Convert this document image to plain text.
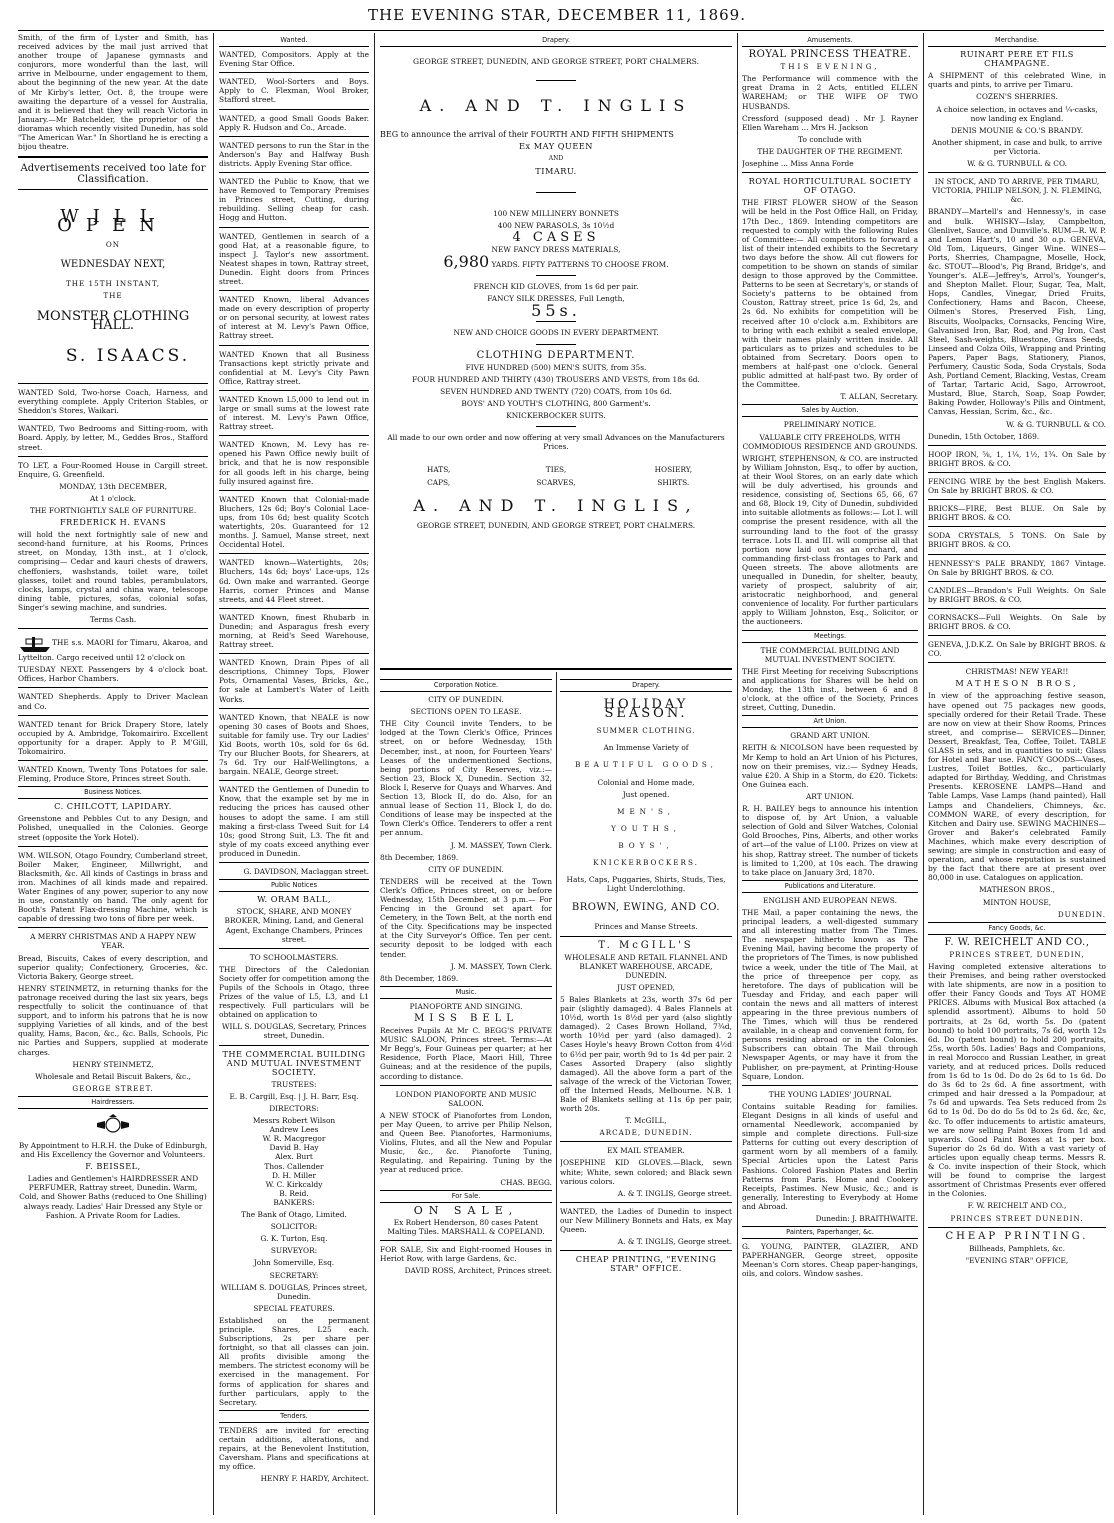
THE EVENING STAR, DECEMBER 11, 1869.

Smith, of the firm of Lyster and Smith, has received advices by the mail just arrived that another troupe of Japanese gymnasts and conjurors, more wonderful than the last, will arrive in Melbourne, under engagement to them, about the beginning of the new year. At the date of Mr Kirby's letter, Oct. 8, the troupe were awaiting the departure of a vessel for Australia, and it is believed that they will reach Victoria in January.—Mr Batchelder, the proprietor of the dioramas which recently visited Dunedin, has sold "The American War." In Shortland he is erecting a bijou theatre.

Advertisements received too late for Classification.

WILL OPEN

ON

WEDNESDAY NEXT,

THE 15TH INSTANT,

THE

MONSTER CLOTHING HALL.

S. ISAACS.

WANTED Sold, Two-horse Coach, Harness, and everything complete. Apply Criterion Stables, or Sheddon's Stores, Waikari.

WANTED, Two Bedrooms and Sitting-room, with Board. Apply, by letter, M., Geddes Bros., Stafford street.

TO LET, a Four-Roomed House in Cargill street. Enquire, G. Greenfield.

MONDAY, 13th DECEMBER,

At 1 o'clock.

THE FORTNIGHTLY SALE OF FURNITURE.

FREDERICK H. EVANS

will hold the next fortnightly sale of new and second-hand furniture, at his Rooms, Princes street, on Monday, 13th inst., at 1 o'clock, comprising— Cedar and kauri chests of drawers, cheffoniers, washstands, toilet ware, toilet glasses, toilet and round tables, perambulators, clocks, lamps, crystal and china ware, telescope dining table, pictures, sofas, colonial sofas, Singer's sewing machine, and sundries.

Terms Cash.

THE s.s. MAORI for Timaru, Akaroa, and Lyttelton. Cargo received until 12 o'clock on

TUESDAY NEXT. Passengers by 4 o'clock boat. Offices, Harbor Chambers.

WANTED Shepherds. Apply to Driver Maclean and Co.

WANTED tenant for Brick Drapery Store, lately occupied by A. Ambridge, Tokomairiro. Excellent opportunity for a draper. Apply to P. M'Gill, Tokomairiro.

WANTED Known, Twenty Tons Potatoes for sale. Fleming, Produce Store, Princes street South.

Business Notices.

C. CHILCOTT, LAPIDARY.

Greenstone and Pebbles Cut to any Design, and Polished, unequalled in the Colonies. George street (opposite the York Hotel).

WM. WILSON, Otago Foundry, Cumberland street, Boiler Maker, Engineer, Millwright, and Blacksmith, &c. All kinds of Castings in brass and iron. Machines of all kinds made and repaired. Water Engines of any power, superior to any now in use, constantly on hand. The only agent for Booth's Patent Flax-dressing Machine, which is capable of dressing two tons of fibre per week.

A MERRY CHRISTMAS AND A HAPPY NEW YEAR.

Bread, Biscuits, Cakes of every description, and superior quality; Confectionery, Groceries, &c. Victoria Bakery, George street.

HENRY STEINMETZ, in returning thanks for the patronage received during the last six years, begs respectfully to solicit the continuance of that support, and to inform his patrons that he is now supplying Varieties of all kinds, and of the best quality, Hams, Bacon, &c., &c. Balls, Schools, Pic nic Parties and Suppers, supplied at moderate charges.

HENRY STEINMETZ,

Wholesale and Retail Biscuit Bakers, &c.,

GEORGE STREET.

Hairdressers.

By Appointment to H.R.H. the Duke of Edinburgh, and His Excellency the Governor and Volunteers.

F. BEISSEL,

Ladies and Gentlemen's HAIRDRESSER AND PERFUMER, Rattray street, Dunedin. Warm, Cold, and Shower Baths (reduced to One Shilling) always ready. Ladies' Hair Dressed any Style or Fashion. A Private Room for Ladies.

Wanted.

WANTED, Compositors. Apply at the Evening Star Office.

WANTED, Wool-Sorters and Boys. Apply to C. Flexman, Wool Broker, Stafford street.

WANTED, a good Small Goods Baker. Apply R. Hudson and Co., Arcade.

WANTED persons to run the Star in the Anderson's Bay and Halfway Bush districts. Apply Evening Star office.

WANTED the Public to Know, that we have Removed to Temporary Premises in Princes street, Cutting, during rebuilding. Selling cheap for cash. Hogg and Hutton.

WANTED, Gentlemen in search of a good Hat, at a reasonable figure, to inspect J. Taylor's new assortment. Neatest shapes in town, Rattray street, Dunedin. Eight doors from Princes street.

WANTED Known, liberal Advances made on every description of property or on personal security, at lowest rates of interest at M. Levy's Pawn Office, Rattray street.

WANTED Known that all Business Transactions kept strictly private and confidential at M. Levy's City Pawn Office, Rattray street.

WANTED Known L5,000 to lend out in large or small sums at the lowest rate of interest. M. Levy's Pawn Office, Rattray street.

WANTED Known, M. Levy has re-opened his Pawn Office newly built of brick, and that he is now responsible for all goods left in his charge, being fully insured against fire.

WANTED Known that Colonial-made Bluchers, 12s 6d; Boy's Colonial Lace-ups, from 10s 6d; best quality Scotch watertights, 20s. Guaranteed for 12 months. J. Samuel, Manse street, next Occidental Hotel.

WANTED known—Watertights, 20s; Bluchers, 14s 6d; boys' Lace-ups, 12s 6d. Own make and warranted. George Harris, corner Princes and Manse streets, and 44 Fleet street.

WANTED Known, finest Rhubarb in Dunedin; and Asparagus fresh every morning, at Reid's Seed Warehouse, Rattray street.

WANTED Known, Drain Pipes of all descriptions, Chimney Tops, Flower Pots, Ornamental Vases, Bricks, &c., for sale at Lambert's Water of Leith Works.

WANTED Known, that NEALE is now opening 30 cases of Boots and Shoes, suitable for family use. Try our Ladies' Kid Boots, worth 10s, sold for 6s 6d. Try our Blucher Boots, for Shearers, at 7s 6d. Try our Half-Wellingtons, a bargain. NEALE, George street.

WANTED the Gentlemen of Dunedin to Know, that the example set by me in reducing the prices has caused other houses to adopt the same. I am still making a first-class Tweed Suit for L4 10s; good Strong Suit, L3. The fit and style of my coats exceed anything ever produced in Dunedin.

G. DAVIDSON, Maclaggan street.

Public Notices

W. ORAM BALL,

STOCK, SHARE, AND MONEY BROKER, Mining, Land, and General Agent, Exchange Chambers, Princes street.

TO SCHOOLMASTERS.

THE Directors of the Caledonian Society offer for competition among the Pupils of the Schools in Otago, three Prizes of the value of L5, L3, and L1 respectively. Full particulars will be obtained on application to

WILL S. DOUGLAS, Secretary, Princes street, Dunedin.

THE COMMERCIAL BUILDING AND MUTUAL INVESTMENT SOCIETY.

TRUSTEES:

E. B. Cargill, Esq. | J. H. Barr, Esq.

DIRECTORS:

Messrs Robert Wilson

Andrew Lees

W. R. Macgregor

David B. Hay

Alex. Burt

Thos. Callender

D. H. Miller

W. C. Kirkcaldy

B. Reid.

BANKERS:

The Bank of Otago, Limited.

SOLICITOR:

G. K. Turton, Esq.

SURVEYOR:

John Somerville, Esq.

SECRETARY:

WILLIAM S. DOUGLAS, Princes street, Dunedin.

SPECIAL FEATURES.

Established on the permanent principle. Shares, L25 each. Subscriptions, 2s per share per fortnight, so that all classes can join. All profits divisible among the members. The strictest economy will be exercised in the management. For forms of application for shares and further particulars, apply to the Secretary.

Tenders.

TENDERS are invited for erecting certain additions, alterations, and repairs, at the Benevolent Institution, Caversham. Plans and specifications at my office.

HENRY F. HARDY, Architect.

Drapery.

GEORGE STREET, DUNEDIN, AND GEORGE STREET, PORT CHALMERS.

A. AND T. INGLIS

BEG to announce the arrival of their FOURTH AND FIFTH SHIPMENTS

Ex MAY QUEEN

AND

TIMARU.

100 NEW MILLINERY BONNETS

400 NEW PARASOLS, 3s 10½d

4 CASES

NEW FANCY DRESS MATERIALS,

6,980 YARDS. FIFTY PATTERNS TO CHOOSE FROM.

FRENCH KID GLOVES, from 1s 6d per pair.

FANCY SILK DRESSES, Full Length,

55s.

NEW AND CHOICE GOODS IN EVERY DEPARTMENT.

CLOTHING DEPARTMENT.

FIVE HUNDRED (500) MEN'S SUITS, from 35s.

FOUR HUNDRED AND THIRTY (430) TROUSERS AND VESTS, from 18s 6d.

SEVEN HUNDRED AND TWENTY (720) COATS, from 10s 6d.

BOYS' AND YOUTH'S CLOTHING, 800 Garment's.

KNICKERBOCKER SUITS.

All made to our own order and now offering at very small Advances on the Manufacturers Prices.

HATS,	TIES,	HOSIERY,
CAPS,	SCARVES,	SHIRTS.

A. AND T. INGLIS,

GEORGE STREET, DUNEDIN, AND GEORGE STREET, PORT CHALMERS.

Corporation Notice.

CITY OF DUNEDIN.

SECTIONS OPEN TO LEASE.

THE City Council invite Tenders, to be lodged at the Town Clerk's Office, Princes street, on or before Wednesday, 15th December, inst., at noon, for Fourteen Years' Leases of the undermentioned Sections, being portions of City Reserves, viz.:— Section 23, Block X, Dunedin. Section 32, Block I, Reserve for Quays and Wharves. And Section 13, Block II, do do. Also, for an annual lease of Section 11, Block I, do do. Conditions of lease may be inspected at the Town Clerk's Office. Tenderers to offer a rent per annum.

J. M. MASSEY, Town Clerk.

8th December, 1869.

CITY OF DUNEDIN.

TENDERS will be received at the Town Clerk's Office, Princes street, on or before Wednesday, 15th December, at 3 p.m.— For Fencing in the Ground set apart for Cemetery, in the Town Belt, at the north end of the City. Specifications may be inspected at the City Surveyor's Office. Ten per cent. security deposit to be lodged with each tender.

J. M. MASSEY, Town Clerk.

8th December, 1869.

Music.

PIANOFORTE AND SINGING.

MISS BELL

Receives Pupils At Mr C. BEGG'S PRIVATE MUSIC SALOON, Princes street. Terms:—At Mr Begg's, Four Guineas per quarter; at her Residence, Forth Place, Maori Hill, Three Guineas; and at the residence of the pupils, according to distance.

LONDON PIANOFORTE AND MUSIC SALOON.

A NEW STOCK of Pianofortes from London, per May Queen, to arrive per Philip Nelson, and Queen Bee. Pianofortes, Harmoniums, Violins, Flutes, and all the New and Popular Music, &c., &c. Pianoforte Tuning, Regulating, and Repairing. Tuning by the year at reduced price.

CHAS. BEGG.

For Sale.

ON SALE,

Ex Robert Henderson, 80 cases Patent Malting Tiles. MARSHALL & COPELAND.

FOR SALE, Six and Eight-roomed Houses in Heriot Row, with large Gardens, &c.

DAVID ROSS, Architect, Princes street.

Drapery.

HOLIDAY SEASON.

SUMMER CLOTHING.

An Immense Variety of

BEAUTIFUL GOODS,

Colonial and Home made,

Just opened.

MEN'S,

YOUTHS,

BOYS',

KNICKERBOCKERS.

Hats, Caps, Puggaries, Shirts, Studs, Ties, Light Underclothing.

BROWN, EWING, AND CO.

Princes and Manse Streets.

T. McGILL'S

WHOLESALE AND RETAIL FLANNEL AND BLANKET WAREHOUSE, ARCADE, DUNEDIN.

JUST OPENED,

5 Bales Blankets at 23s, worth 37s 6d per pair (slightly damaged). 4 Bales Flannels at 10½d, worth 1s 8½d per yard (also slightly damaged). 2 Cases Brown Holland, 7¾d, worth 10½d per yard (also damaged). 2 Cases Hoyle's heavy Brown Cotton from 4½d to 6½d per pair, worth 9d to 1s 4d per pair. 2 Cases Assorted Drapery (also slightly damaged). All the above form a part of the salvage of the wreck of the Victorian Tower, off the Interned Heads, Melbourne. N.B. 1 Bale of Blankets selling at 11s 6p per pair, worth 20s.

T. McGILL,

ARCADE, DUNEDIN.

EX MAIL STEAMER.

JOSEPHINE KID GLOVES.—Black, sewn white; White, sewn colored; and Black sewn various colors.

A. & T. INGLIS, George street.

WANTED, the Ladies of Dunedin to inspect our New Millinery Bonnets and Hats, ex May Queen.

A. & T. INGLIS, George street.

CHEAP PRINTING, "EVENING STAR" OFFICE.

Amusements.

ROYAL PRINCESS THEATRE.

THIS EVENING,

The Performance will commence with the great Drama in 2 Acts, entitled ELLEN WAREHAM; or THE WIFE OF TWO HUSBANDS.

Cressford (supposed dead) . Mr J. Rayner Ellen Wareham ... Mrs H. Jackson

To conclude with

THE DAUGHTER OF THE REGIMENT.

Josephine ... Miss Anna Forde

ROYAL HORTICULTURAL SOCIETY OF OTAGO.

THE FIRST FLOWER SHOW of the Season will be held in the Post Office Hall, on Friday, 17th Dec., 1869. Intending competitors are requested to comply with the following Rules of Committee:— All competitors to forward a list of their intended exhibits to the Secretary two days before the show. All cut flowers for competition to be shown on stands of similar design to those approved by the Committee. Patterns to be seen at Secretary's, or stands of Society's patterns to be obtained from Couston, Rattray street, price 1s 6d, 2s, and 2s 6d. No exhibits for competition will be received after 10 o'clock a.m. Exhibitors are to bring with each exhibit a sealed envelope, with their names plainly written inside. All particulars as to prizes and schedules to be obtained from Secretary. Doors open to members at half-past one o'clock. General public admitted at half-past two. By order of the Committee.

T. ALLAN, Secretary.

Sales by Auction.

PRELIMINARY NOTICE.

VALUABLE CITY FREEHOLDS, WITH COMMODIOUS RESIDENCE AND GROUNDS.

WRIGHT, STEPHENSON, & CO. are instructed by William Johnston, Esq., to offer by auction, at their Wool Stores, on an early date which will be duly advertised, his grounds and residence, consisting of, Sections 65, 66, 67 and 68, Block 19, City of Dunedin, subdivided into suitable allotments as follows:— Lot I. will comprise the present residence, with all the surrounding land to the foot of the grassy terrace. Lots II. and III. will comprise all that portion now laid out as an orchard, and commanding first-class frontages to Park and Queen streets. The above allotments are unequalled in Dunedin, for shelter, beauty, variety of prospect, salubrity of air, aristocratic neighborhood, and general convenience of locality. For further particulars apply to William Johnston, Esq., Solicitor, or the auctioneers.

Meetings.

THE COMMERCIAL BUILDING AND MUTUAL INVESTMENT SOCIETY.

THE First Meeting for receiving Subscriptions and applications for Shares will be held on Monday, the 13th inst., between 6 and 8 o'clock, at the office of the Society, Princes street, Cutting, Dunedin.

Art Union.

GRAND ART UNION.

REITH & NICOLSON have been requested by Mr Kemp to hold an Art Union of his Pictures, now on their premises, viz.:— Sydney Heads, value £20. A Ship in a Storm, do £20. Tickets: One Guinea each.

ART UNION.

R. H. BAILEY begs to announce his intention to dispose of, by Art Union, a valuable selection of Gold and Silver Watches, Colonial Gold Brooches, Pins, Alberts, and other works of art—of the value of L100. Prizes on view at his shop, Rattray street. The number of tickets is limited to 1,200, at 10s each. The drawing to take place on January 3rd, 1870.

Publications and Literature.

ENGLISH AND EUROPEAN NEWS.

THE Mail, a paper containing the news, the principal leaders, a well-digested summary and all interesting matter from The Times. The newspaper hitherto known as The Evening Mail, having become the property of the proprietors of The Times, is now published twice a week, under the title of The Mail, at the price of threepence per copy, as heretofore. The days of publication will be Tuesday and Friday, and each paper will contain the news and all matters of interest appearing in the three previous numbers of The Times, which will thus be rendered available, in a cheap and convenient form, for persons residing abroad or in the Colonies. Subscribers can obtain The Mail through Newspaper Agents, or may have it from the Publisher, on pre-payment, at Printing-House Square, London.

THE YOUNG LADIES' JOURNAL

Contains suitable Reading for families. Elegant Designs in all kinds of useful and ornamental Needlework, accompanied by simple and complete directions. Full-size Patterns for cutting out every description of garment worn by all members of a family. Special Articles upon the Latest Paris Fashions. Colored Fashion Plates and Berlin Patterns from Paris. Home and Cookery Receipts, Pastimes. New Music, &c.; and is generally, Interesting to Everybody at Home and Abroad.

Dunedin: J. BRAITHWAITE.

Painters, Paperhanger, &c.

G. YOUNG, PAINTER, GLAZIER, AND PAPERHANGER, George street, opposite Meenan's Corn stores. Cheap paper-hangings, oils, and colors. Window sashes.

Merchandise.

RUINART PERE ET FILS CHAMPAGNE.

A SHIPMENT of this celebrated Wine, in quarts and pints, to arrive per Timaru.

COZEN'S SHERRIES.

A choice selection, in octaves and ¼-casks, now landing ex England.

DENIS MOUNIE & CO.'S BRANDY.

Another shipment, in case and bulk, to arrive per Victoria.

W. & G. TURNBULL & CO.

IN STOCK, AND TO ARRIVE, PER TIMARU, VICTORIA, PHILIP NELSON, J. N. FLEMING, &c.

BRANDY—Martell's and Hennessy's, in case and bulk. WHISKY—Islay, Campbelton, Glenlivet, Sauce, and Dunville's. RUM—R. W. P. and Lemon Hart's, 10 and 30 o.p. GENEVA, Old Tom, Liqueurs, Ginger Wine. WINES—Ports, Sherries, Champagne, Moselle, Hock, &c. STOUT—Blood's, Pig Brand, Bridge's, and Younger's. ALE—Jeffrey's, Arrol's, Younger's, and Shepton Mallet. Flour, Sugar, Tea, Malt, Hops, Candles, Vinegar, Dried Fruits, Confectionery, Hams and Bacon, Cheese, Oilmen's Stores, Preserved Fish, Ling, Biscuits, Woolpacks, Cornsacks, Fencing Wire, Galvanised Iron, Bar, Rod, and Pig Iron, Cast Steel, Sash-weights, Bluestone, Grass Seeds, Linseed and Colza Oils, Wrapping and Printing Papers, Paper Bags, Stationery, Pianos, Perfumery, Caustic Soda, Soda Crystals, Soda Ash, Portland Cement, Blacking, Vestas, Cream of Tartar, Tartaric Acid, Sago, Arrowroot, Mustard, Blue, Starch, Soap, Soap Powder, Baking Powder, Holloway's Pills and Ointment, Canvas, Hessian, Scrim, &c., &c.

W. & G. TURNBULL & CO.

Dunedin, 15th October, 1869.

HOOP IRON, ⅝, 1, 1¼, 1½, 1¾. On Sale by BRIGHT BROS. & CO.

FENCING WIRE by the best English Makers. On Sale by BRIGHT BROS. & CO.

BRICKS—FIRE, Best BLUE. On Sale by BRIGHT BROS. & CO.

SODA CRYSTALS, 5 TONS. On Sale by BRIGHT BROS. & CO.

HENNESSY'S PALE BRANDY, 1867 Vintage. On Sale by BRIGHT BROS. & CO.

CANDLES—Brandon's Full Weights. On Sale by BRIGHT BROS. & CO.

CORNSACKS—Full Weights. On Sale by BRIGHT BROS. & CO.

GENEVA, J.D.K.Z. On Sale by BRIGHT BROS. & CO.

CHRISTMAS! NEW YEAR!!

MATHESON BROS,

In view of the approaching festive season, have opened out 75 packages new goods, specially ordered for their Retail Trade. These are now on view at their Show Rooms, Princes street, and comprise— SERVICES—Dinner, Dessert, Breakfast, Tea, Coffee, Toilet. TABLE GLASS in sets, and in quantities to suit; Glass for Hotel and Bar use. FANCY GOODS—Vases, Lustres, Toilet Bottles, &c., particularly adapted for Birthday, Wedding, and Christmas Presents. KEROSENE LAMPS—Hand and Table Lamps, Vase Lamps (hand painted), Hall Lamps and Chandeliers, Chimneys, &c. COMMON WARE, of every description, for Kitchen and Dairy use. SEWING MACHINES—Grover and Baker's celebrated Family Machines, which make every description of sewing; are simple in construction and easy of operation, and whose reputation is sustained by the fact that there are at present over 80,000 in use. Catalogues on application.

MATHESON BROS.,

MINTON HOUSE,

DUNEDIN.

Fancy Goods, &c.

F. W. REICHELT AND CO.,

PRINCES STREET, DUNEDIN,

Having completed extensive alterations to their Premises, and being rather overstocked with late shipments, are now in a position to offer their Fancy Goods and Toys AT HOME PRICES. Albums with Musical Box attached (a splendid assortment). Albums to hold 50 portraits, at 2s 6d, worth 5s. Do (patent bound) to hold 100 portraits, 7s 6d, worth 12s 6d. Do (patent bound) to hold 200 portraits, 25s, worth 50s. Ladies' Bags and Companions, in real Morocco and Russian Leather, in great variety, and at reduced prices. Dolls reduced from 1s 6d to 1s 0d. Do do 2s 6d to 1s 6d. Do do 3s 6d to 2s 6d. A fine assortment, with crimped and hair dressed a la Pompadour, at 7s 6d and upwards. Tea Sets reduced from 2s 6d to 1s 0d. Do do do 5s 0d to 2s 6d. &c, &c, &c. To offer inducements to artistic amateurs, we are now selling Paint Boxes from 1d and upwards. Good Paint Boxes at 1s per box. Superior do 2s 6d do. With a vast variety of articles upon equally cheap terms. Messrs R. & Co. invite inspection of their Stock, which will be found to comprise the largest assortment of Christmas Presents ever offered in the Colonies.

F. W. REICHELT AND CO.,

PRINCES STREET DUNEDIN.

CHEAP PRINTING.

Billheads, Pamphlets, &c.

"EVENING STAR" OFFICE,
